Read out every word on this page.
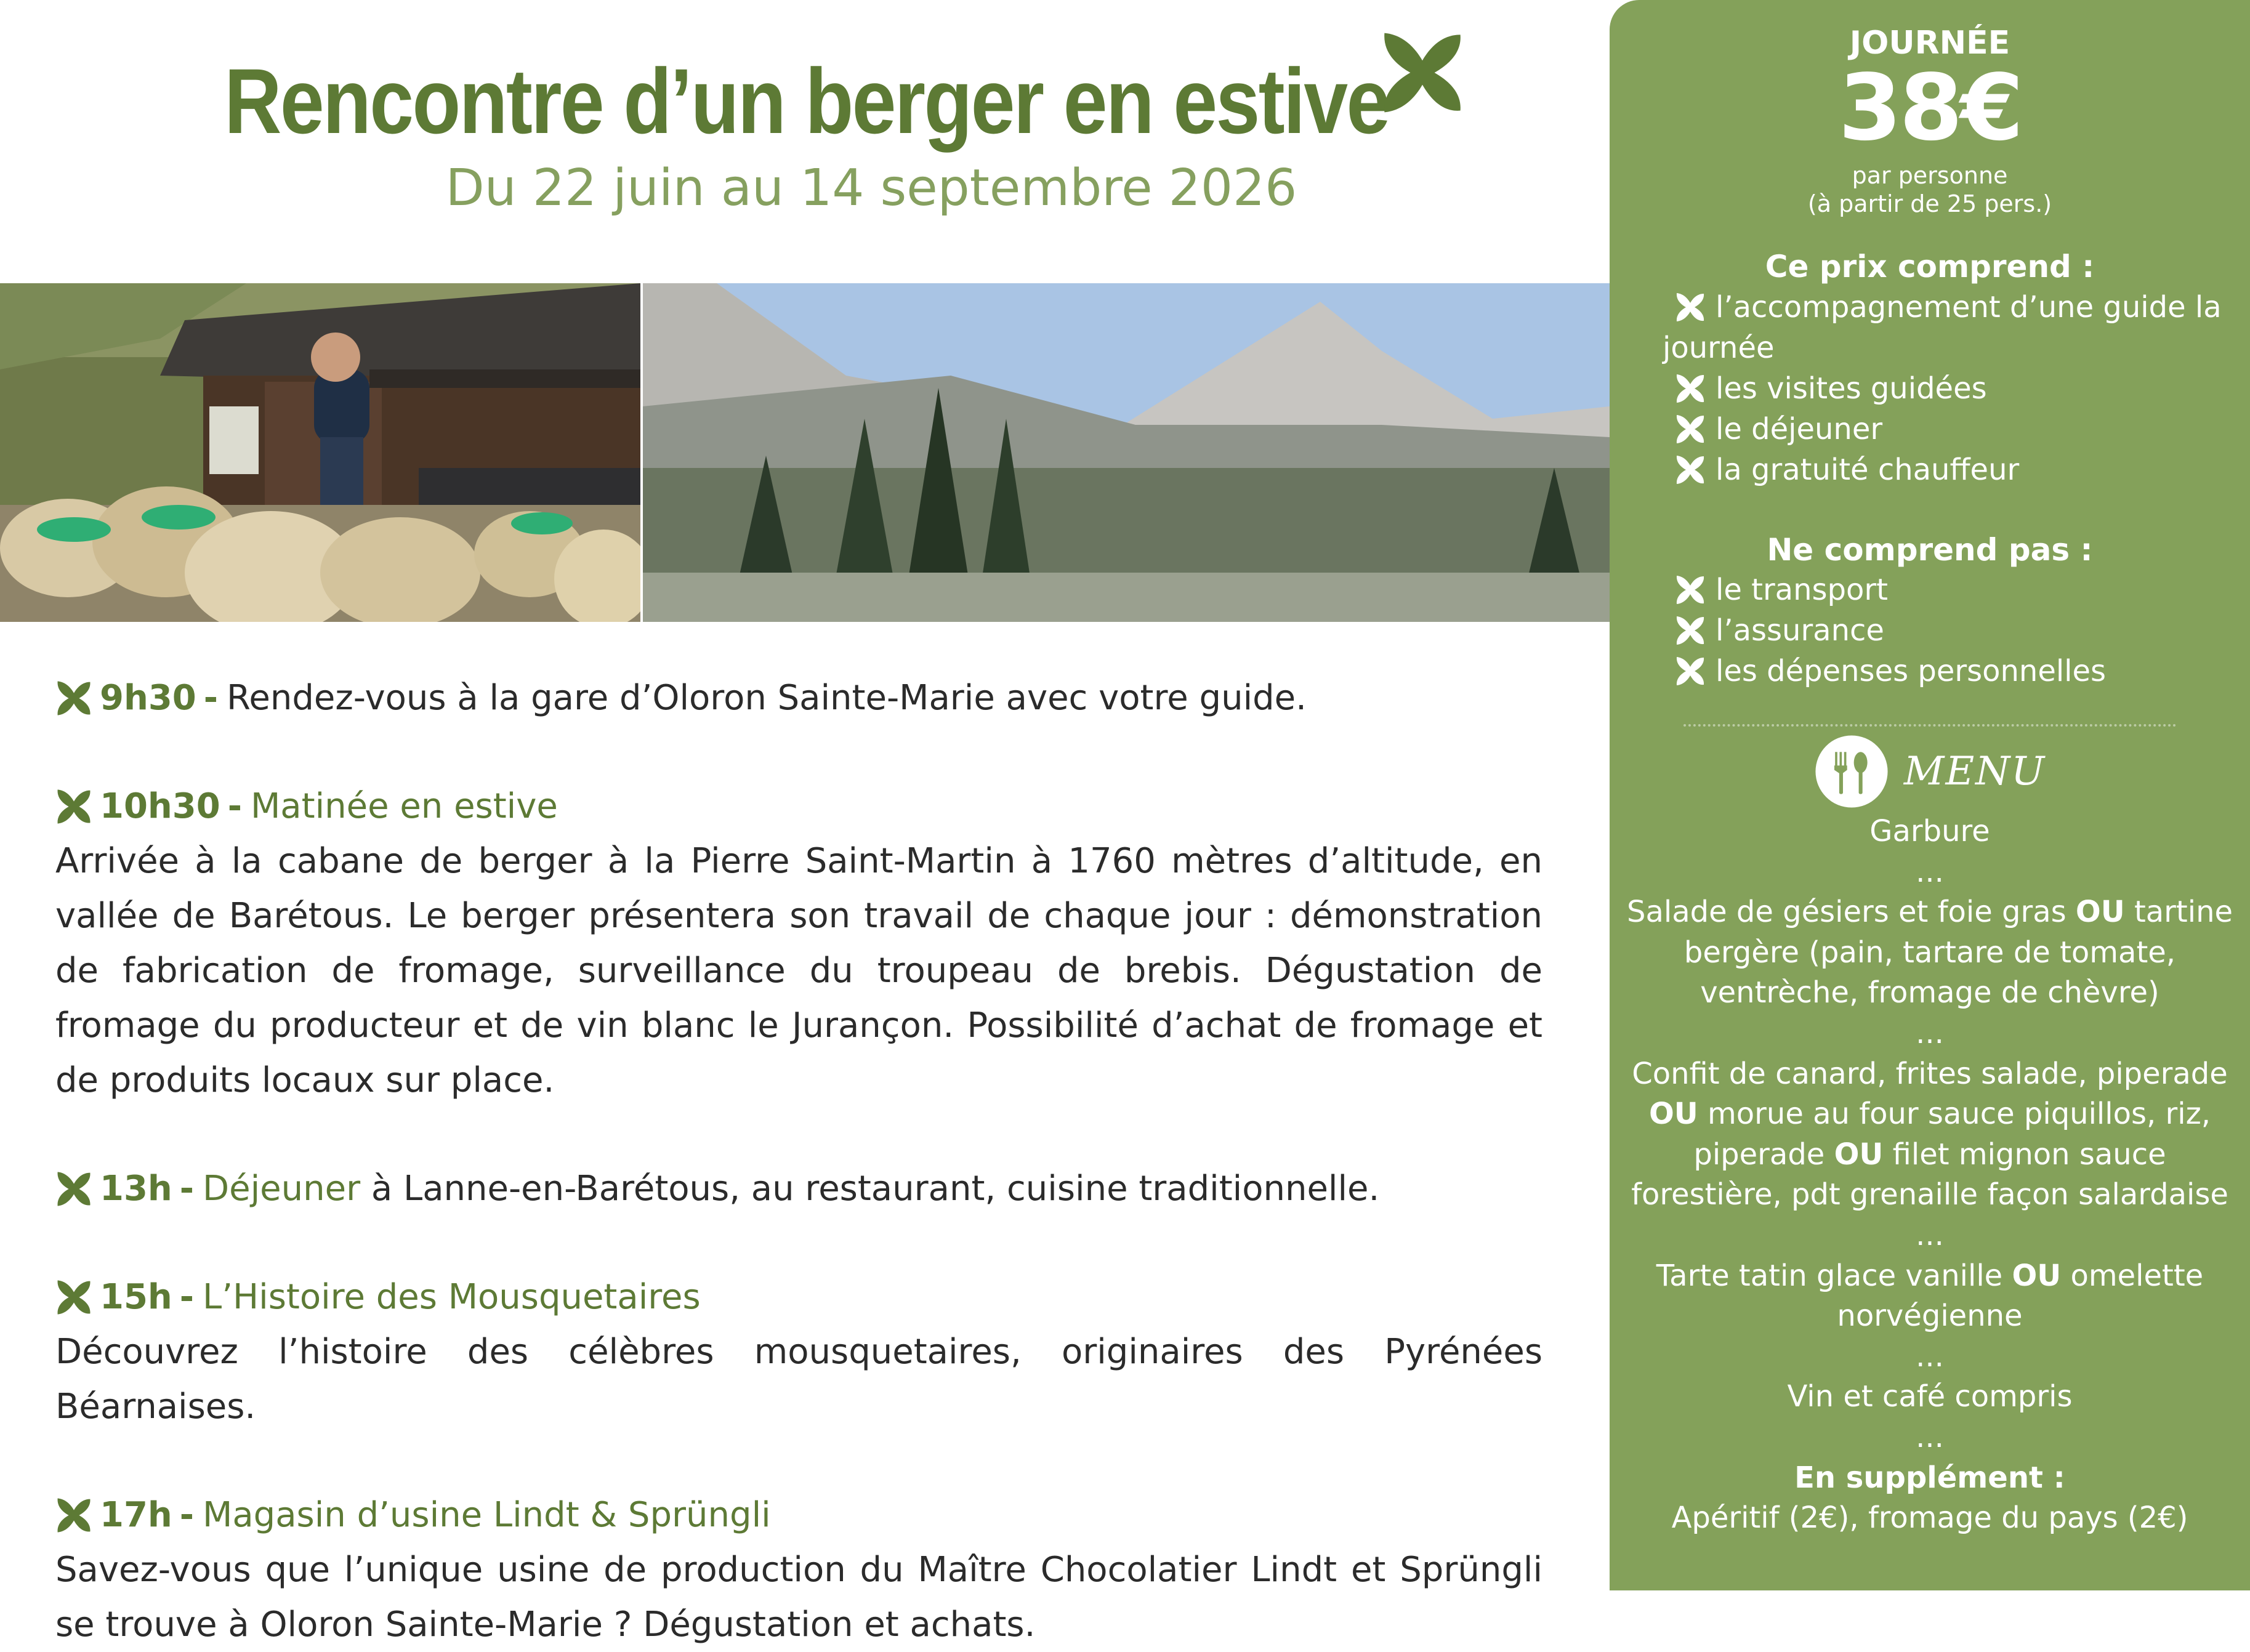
Rencontre d’un berger en estive
Du 22 juin au 14 septembre 2026
9h30 - Rendez-vous à la gare d’Oloron Sainte-Marie avec votre guide.
10h30 - Matinée en estive
Arrivée à la cabane de berger à la Pierre Saint-Martin à 1760 mètres d’altitude, en vallée de Barétous. Le berger présentera son travail de chaque jour : démonstration de fabrication de fromage, surveillance du troupeau de brebis. Dégustation de fromage du producteur et de vin blanc le Jurançon. Possibilité d’achat de fromage et de produits locaux sur place.
13h - Déjeuner
à Lanne-en-Barétous, au restaurant, cuisine traditionnelle.
15h - L’Histoire des Mousquetaires
Découvrez l’histoire des célèbres mousquetaires, originaires des Pyrénées Béarnaises.
17h - Magasin d’usine Lindt & Sprüngli
Savez-vous que l’unique usine de production du Maître Chocolatier Lindt et Sprüngli se trouve à Oloron Sainte-Marie ? Dégustation et achats.
JOURNÉE
38€
par personne
(à partir de 25 pers.)
Ce prix comprend :
l’accompagnement d’une guide la
journée
les visites guidées
le déjeuner
la gratuité chauffeur
Ne comprend pas :
le transport
l’assurance
les dépenses personnelles
MENU
Garbure
...
Salade de gésiers et foie gras OU tartine
bergère (pain, tartare de tomate,
ventrèche, fromage de chèvre)
...
Confit de canard, frites salade, piperade
OU morue au four sauce piquillos, riz,
piperade OU filet mignon sauce
forestière, pdt grenaille façon salardaise
...
Tarte tatin glace vanille OU omelette
norvégienne
...
Vin et café compris
...
En supplément :
Apéritif (2€), fromage du pays (2€)
